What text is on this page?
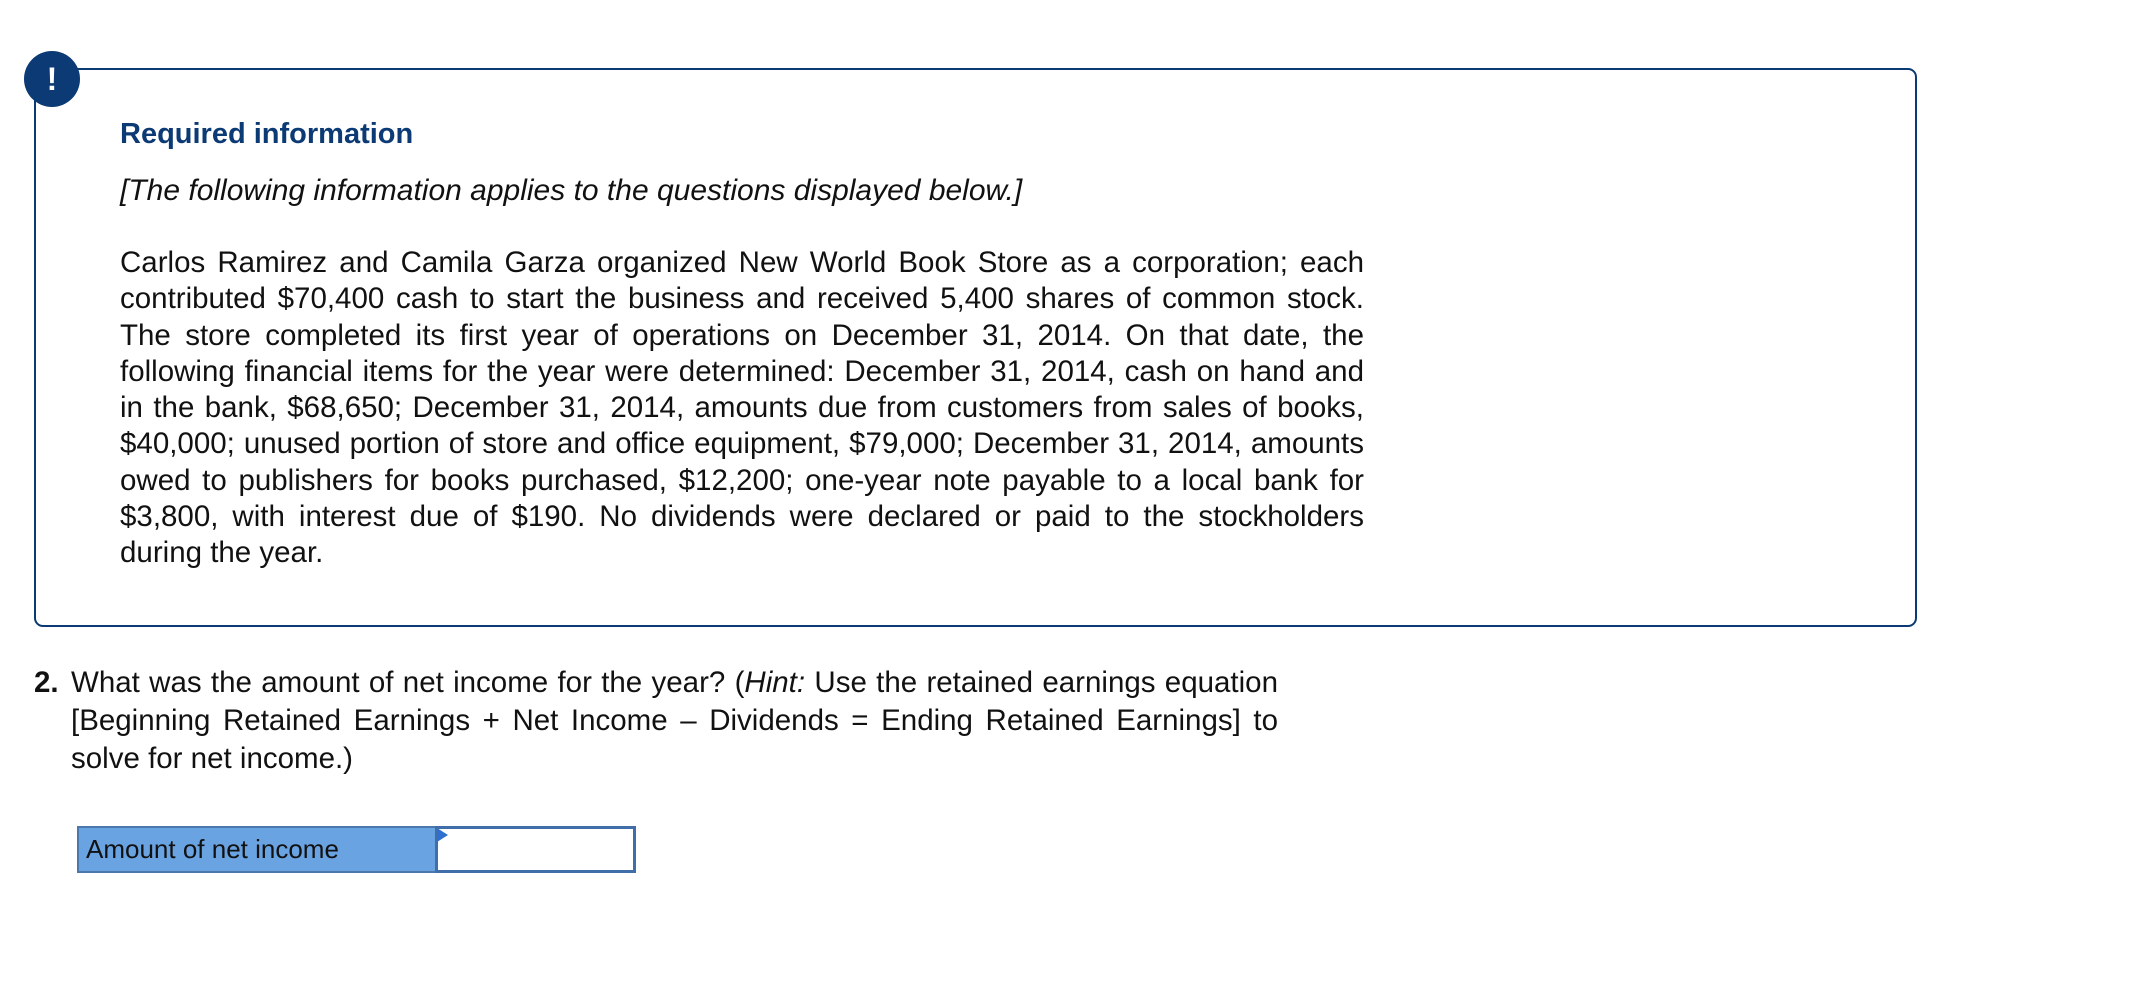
!
Required information

[The following information applies to the questions displayed below.]

Carlos Ramirez and Camila Garza organized New World Book Store as a corporation; each contributed $70,400 cash to start the business and received 5,400 shares of common stock. The store completed its first year of operations on December 31, 2014. On that date, the following financial items for the year were determined: December 31, 2014, cash on hand and in the bank, $68,650; December 31, 2014, amounts due from customers from sales of books, $40,000; unused portion of store and office equipment, $79,000; December 31, 2014, amounts owed to publishers for books purchased, $12,200; one-year note payable to a local bank for $3,800, with interest due of $190. No dividends were declared or paid to the stockholders during the year.

2. What was the amount of net income for the year? (Hint: Use the retained earnings equation [Beginning Retained Earnings + Net Income – Dividends = Ending Retained Earnings] to solve for net income.)
Amount of net income
